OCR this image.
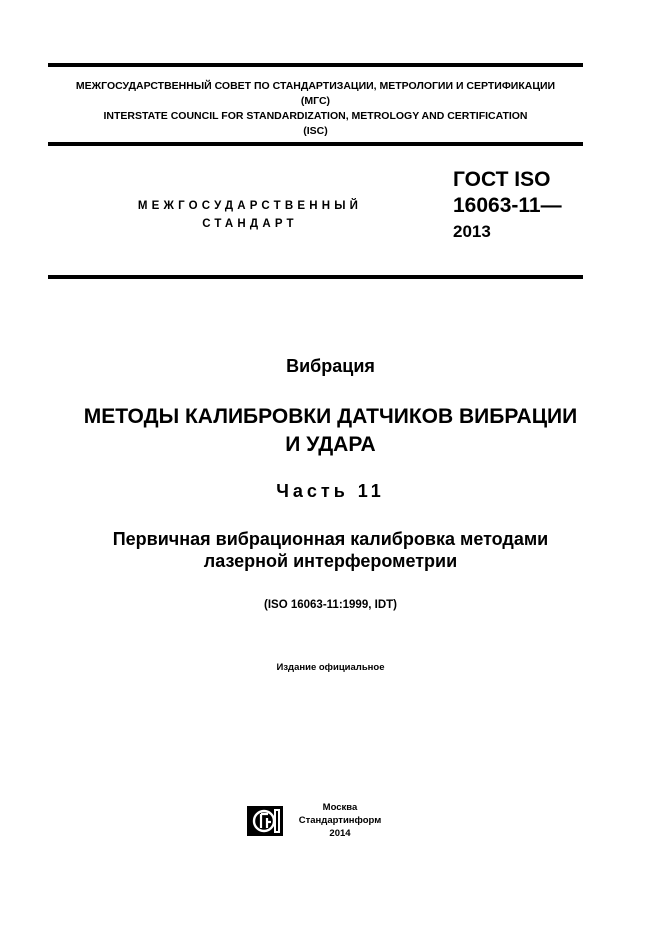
МЕЖГОСУДАРСТВЕННЫЙ СОВЕТ ПО СТАНДАРТИЗАЦИИ, МЕТРОЛОГИИ И СЕРТИФИКАЦИИ
(МГС)
INTERSTATE COUNCIL FOR STANDARDIZATION, METROLOGY AND CERTIFICATION
(ISC)
МЕЖГОСУДАРСТВЕННЫЙ
СТАНДАРТ
ГОСТ ISO
16063-11—
2013
Вибрация
МЕТОДЫ КАЛИБРОВКИ ДАТЧИКОВ ВИБРАЦИИ
И УДАРА
Часть 11
Первичная вибрационная калибровка методами
лазерной интерферометрии
(ISO 16063-11:1999, IDT)
Издание официальное
Москва
Стандартинформ
2014
